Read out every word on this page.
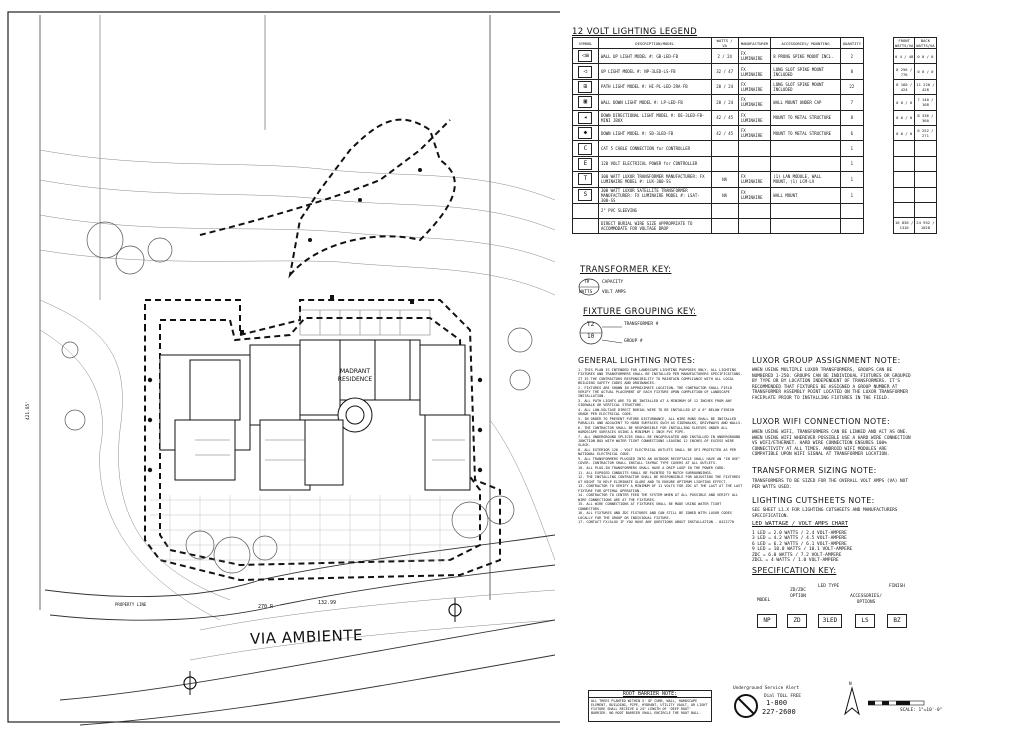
MADRANT RESIDENCE
VIA AMBIENTE
PROPERTY LINE	270 R
132.99
421.85'
ROOT BARRIER NOTE:
ALL TREES PLANTED WITHIN 5' OF CURB, WALL, HARDSCAPE ELEMENT, BUILDING, PIPE, HYDRANT, UTILITY VAULT, OR LIGHT FIXTURE SHALL RECEIVE A 24" LENGTH OF 'DEEP ROOT' BARRIER. NO ROOT BARRIER SHALL ENCIRCLE THE ROOT BALL.
12 VOLT LIGHTING LEGEND
SYMBOL	DESCRIPTION/MODEL	WATTS / VA	MANUFACTURER	ACCESSORIES/ MOUNTING	QUANTITY
◁≡	WALL UP LIGHT MODEL #: GB-LED-FB	2 / 24	FX LUMINAIRE	8 PRONG SPIKE MOUNT INCL.	2
◁	UP LIGHT MODEL #: NP-3LED-LS-FB	32 / 47	FX LUMINAIRE	LONG SLOT SPIKE MOUNT INCLUDED	8
⊞	PATH LIGHT MODEL #: HI-PL-LED-2RA-FB	20 / 24	FX LUMINAIRE	LONG SLOT SPIKE MOUNT INCLUDED	22
▣	WALL DOWN LIGHT MODEL #: LP-LED-FB	20 / 24	FX LUMINAIRE	WALL MOUNT UNDER CAP	7
◂	DOWN DIRECTIONAL LIGHT MODEL #: DE-3LED-FB-MINI JBOX	42 / 45	FX LUMINAIRE	MOUNT TO METAL STRUCTURE	8
◆	DOWN LIGHT MODEL #: SD-3LED-FB	42 / 45	FX LUMINAIRE	MOUNT TO METAL STRUCTURE	6
C	CAT 5 CABLE CONNECTION for CONTROLLER				1
E	120 VOLT ELECTRICAL POWER for CONTROLLER				1
T	300 WATT LUXOR TRANSFORMER MANUFACTURER: FX LUMINAIRE MODEL #: LUX-300-SS	NA	FX LUMINAIRE	(1) LAN MODULE, WALL MOUNT, (1) LCM-LV	1
S	300 WATT LUXOR SATELLITE TRANSFORMER MANUFACTURER: FX LUMINAIRE MODEL #: LSAT-300-SS	NA	FX LUMINAIRE	WALL MOUNT	1
	2" PVC SLEEVING				
	DIRECT BURIAL WIRE SIZE APPROPRIATE TO ACCOMMODATE FOR VOLTAGE DROP				
FRONT WATTS/VA	BACK WATTS/VA
0 4 / 48	0 0 / 0
8 256 / 776	0 0 / 0
8 160 / 424	11 220 / 428
0 0 / 0	7 140 / 168
0 0 / 0	8 336 / 360
0 0 / 0	6 252 / 271

16 836 / 1316	24 952 / 1028
TRANSFORMER KEY:
T#
WATTS
CAPACITY
VOLT AMPS
FIXTURE GROUPING KEY:
T2
10
TRANSFORMER #
GROUP #
GENERAL LIGHTING NOTES:
1. THIS PLAN IS INTENDED FOR LANDSCAPE LIGHTING PURPOSES ONLY. ALL LIGHTING FIXTURES AND TRANSFORMERS SHALL BE INSTALLED PER MANUFACTURERS SPECIFICATIONS. IT IS THE CONTRACTORS RESPONSIBILITY TO MAINTAIN COMPLIANCE WITH ALL LOCAL BUILDING SAFETY CODES AND ORDINANCES.
2. FIXTURES ARE SHOWN IN APPROXIMATE LOCATION. THE CONTRACTOR SHALL FIELD VERIFY THE ACTUAL PLACEMENT OF EACH FIXTURE UPON COMPLETION OF LANDSCAPE INSTALLATION.
3. ALL PATH LIGHTS ARE TO BE INSTALLED AT A MINIMUM OF 12 INCHES FROM ANY SIDEWALK OR VERTICAL STRUCTURE.
4. ALL LOW-VOLTAGE DIRECT BURIAL WIRE TO BE INSTALLED AT A 6" BELOW FINISH GRADE PER ELECTRICAL CODE.
5. IN ORDER TO PREVENT FUTURE DISTURBANCE, ALL WIRE RUNS SHALL BE INSTALLED PARALLEL AND ADJACENT TO HARD SURFACES SUCH AS SIDEWALKS, DRIVEWAYS AND WALLS.
6. THE CONTRACTOR SHALL BE RESPONSIBLE FOR INSTALLING SLEEVES UNDER ALL HARDSCAPE SURFACES USING A MINIMUM 1 INCH PVC PIPE.
7. ALL UNDERGROUND SPLICES SHALL BE ENCAPSULATED AND INSTALLED IN UNDERGROUND JUNCTION BOX WITH WATER TIGHT CONNECTIONS LEAVING 12 INCHES OF EXCESS WIRE SLACK.
8. ALL EXTERIOR 120 - VOLT ELECTRICAL OUTLETS SHALL BE GFI PROTECTED AS PER NATIONAL ELECTRICAL CODE.
9. ALL TRANSFORMERS PLUGGED INTO AN OUTDOOR RECEPTACLE SHALL HAVE AN "IN USE" COVER. CONTRACTOR SHALL INSTALL TAYMAC TYPE COVERS AT ALL OUTLETS.
10. ALL PLUG-IN TRANSFORMERS SHALL HAVE A DRIP LOOP IN THE POWER CORD.
11. ALL EXPOSED CONDUITS SHALL BE PAINTED TO MATCH SURROUNDINGS.
12. THE INSTALLING CONTRACTOR SHALL BE RESPONSIBLE FOR ADJUSTING THE FIXTURES AT NIGHT TO HELP ELIMINATE GLARE AND TO ENSURE OPTIMUM LIGHTING EFFECT.
13. CONTRACTOR TO VERIFY A MINIMUM OF 11 VOLTS FOR ZDC AT THE LAST AT THE LAST FIXTURE FOR OPTIMAL OPERATION.
14. CONTRACTOR TO CENTER FEED THE SYSTEM WHEN AT ALL POSSIBLE AND VERIFY ALL WIRE CONNECTIONS ARE AT THE FIXTURES.
15. ALL WIRE CONNECTIONS AT FIXTURES SHALL BE MADE USING WATER TIGHT CONNECTORS.
16. ALL FIXTURES AND ZDC FIXTURES AND CAN STILL BE ZONED WITH LUXOR CODES LOCALLY FOR THE GROUP OR INDIVIDUAL FIXTURE.
17. CONTACT FX/ALUX IF YOU HAVE ANY QUESTIONS ABOUT INSTALLATION - 8422770
LUXOR GROUP ASSIGNMENT NOTE:
WHEN USING MULTIPLE LUXOR TRANSFORMERS, GROUPS CAN BE NUMBERED 1-250. GROUPS CAN BE INDIVIDUAL FIXTURES OR GROUPED BY TYPE OR BY LOCATION INDEPENDENT OF TRANSFORMERS. IT'S RECOMMENDED THAT FIXTURES BE ASSIGNED A GROUP NUMBER AT TRANSFORMER ASSEMBLY POINT LOCATED ON THE LUXOR TRANSFORMER FACEPLATE PRIOR TO INSTALLING FIXTURES IN THE FIELD.
LUXOR WIFI CONNECTION NOTE:
WHEN USING WIFI, TRANSFORMERS CAN BE LINKED AND ACT AS ONE. WHEN USING WIFI WHEREVER POSSIBLE USE A HARD WIRE CONNECTION VS WIFI/ETHERNET. HARD WIRE CONNECTION ENSURES 100% CONNECTIVITY AT ALL TIMES. ANDROID WIFI MODULES ARE COMPATIBLE UPON WIFI SIGNAL AT TRANSFORMER LOCATION.
TRANSFORMER SIZING NOTE:
TRANSFORMERS TO BE SIZED FOR THE OVERALL VOLT AMPS (VA) NOT PER WATTS USED.
LIGHTING CUTSHEETS NOTE:
SEE SHEET L1.X FOR LIGHTING CUTSHEETS AND MANUFACTURERS SPECIFICATION.
LED WATTAGE / VOLT AMPS CHART
1 LED = 2.0 WATTS / 2.4 VOLT-AMPERE
3 LED = 4.2 WATTS / 4.5 VOLT-AMPERE
6 LED = 6.2 WATTS / 6.1 VOLT-AMPERE
9 LED = 10.0 WATTS / 10.1 VOLT-AMPERE
ZDC = 6.0 WATTS / 7.2 VOLT-AMPERE
ZDCL = 4 WATTS / 1.0 VOLT-AMPERE
SPECIFICATION KEY:
MODEL
ZD/ZDC OPTION
LED TYPE
ACCESSORIES/ OPTIONS
FINISH
NP	ZD	3LED	LS	BZ
Underground Service Alert
Dial TOLL FREE
1-800
227-2600
N
SCALE: 1"=10'-0"
